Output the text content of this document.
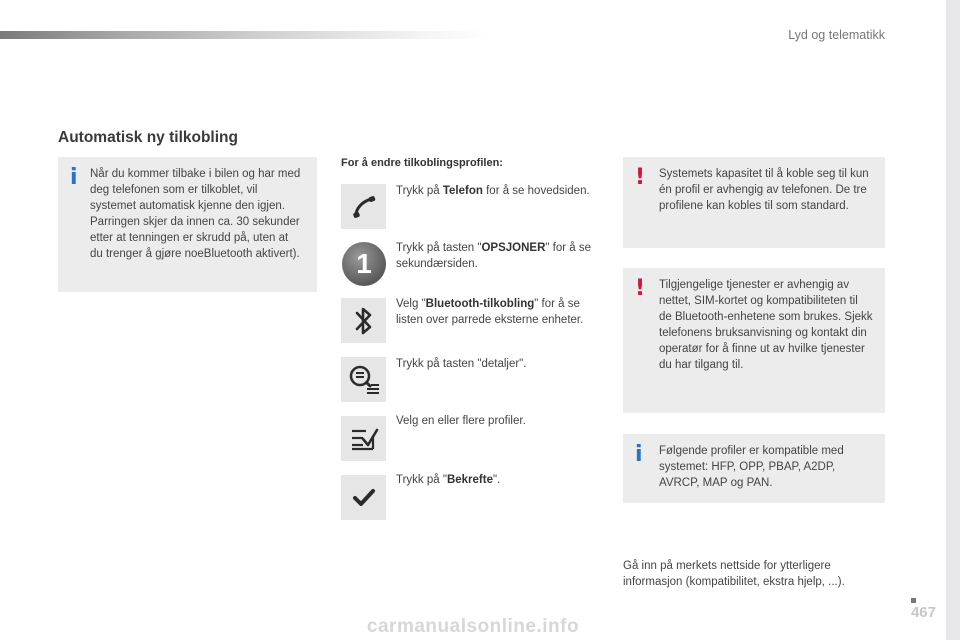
Lyd og telematikk

Automatisk ny tilkobling
i Når du kommer tilbake i bilen og har med deg telefonen som er tilkoblet, vil systemet automatisk kjenne den igjen. Parringen skjer da innen ca. 30 sekunder etter at tenningen er skrudd på, uten at du trenger å gjøre noeBluetooth aktivert).

For å endre tilkoblingsprofilen:

Trykk på Telefon for å se hovedsiden.

1	Trykk på tasten "OPSJONER" for å se sekundærsiden.

Velg "Bluetooth-tilkobling" for å se listen over parrede eksterne enheter.

Trykk på tasten "detaljer".

Velg en eller flere profiler.

Trykk på "Bekrefte".

! Systemets kapasitet til å koble seg til kun én profil er avhengig av telefonen. De tre profilene kan kobles til som standard.

! Tilgjengelige tjenester er avhengig av nettet, SIM-kortet og kompatibiliteten til de Bluetooth-enhetene som brukes. Sjekk telefonens bruksanvisning og kontakt din operatør for å finne ut av hvilke tjenester du har tilgang til.

i Følgende profiler er kompatible med systemet: HFP, OPP, PBAP, A2DP, AVRCP, MAP og PAN.

Gå inn på merkets nettside for ytterligere informasjon (kompatibilitet, ekstra hjelp, ...).

467

carmanualsonline.info
